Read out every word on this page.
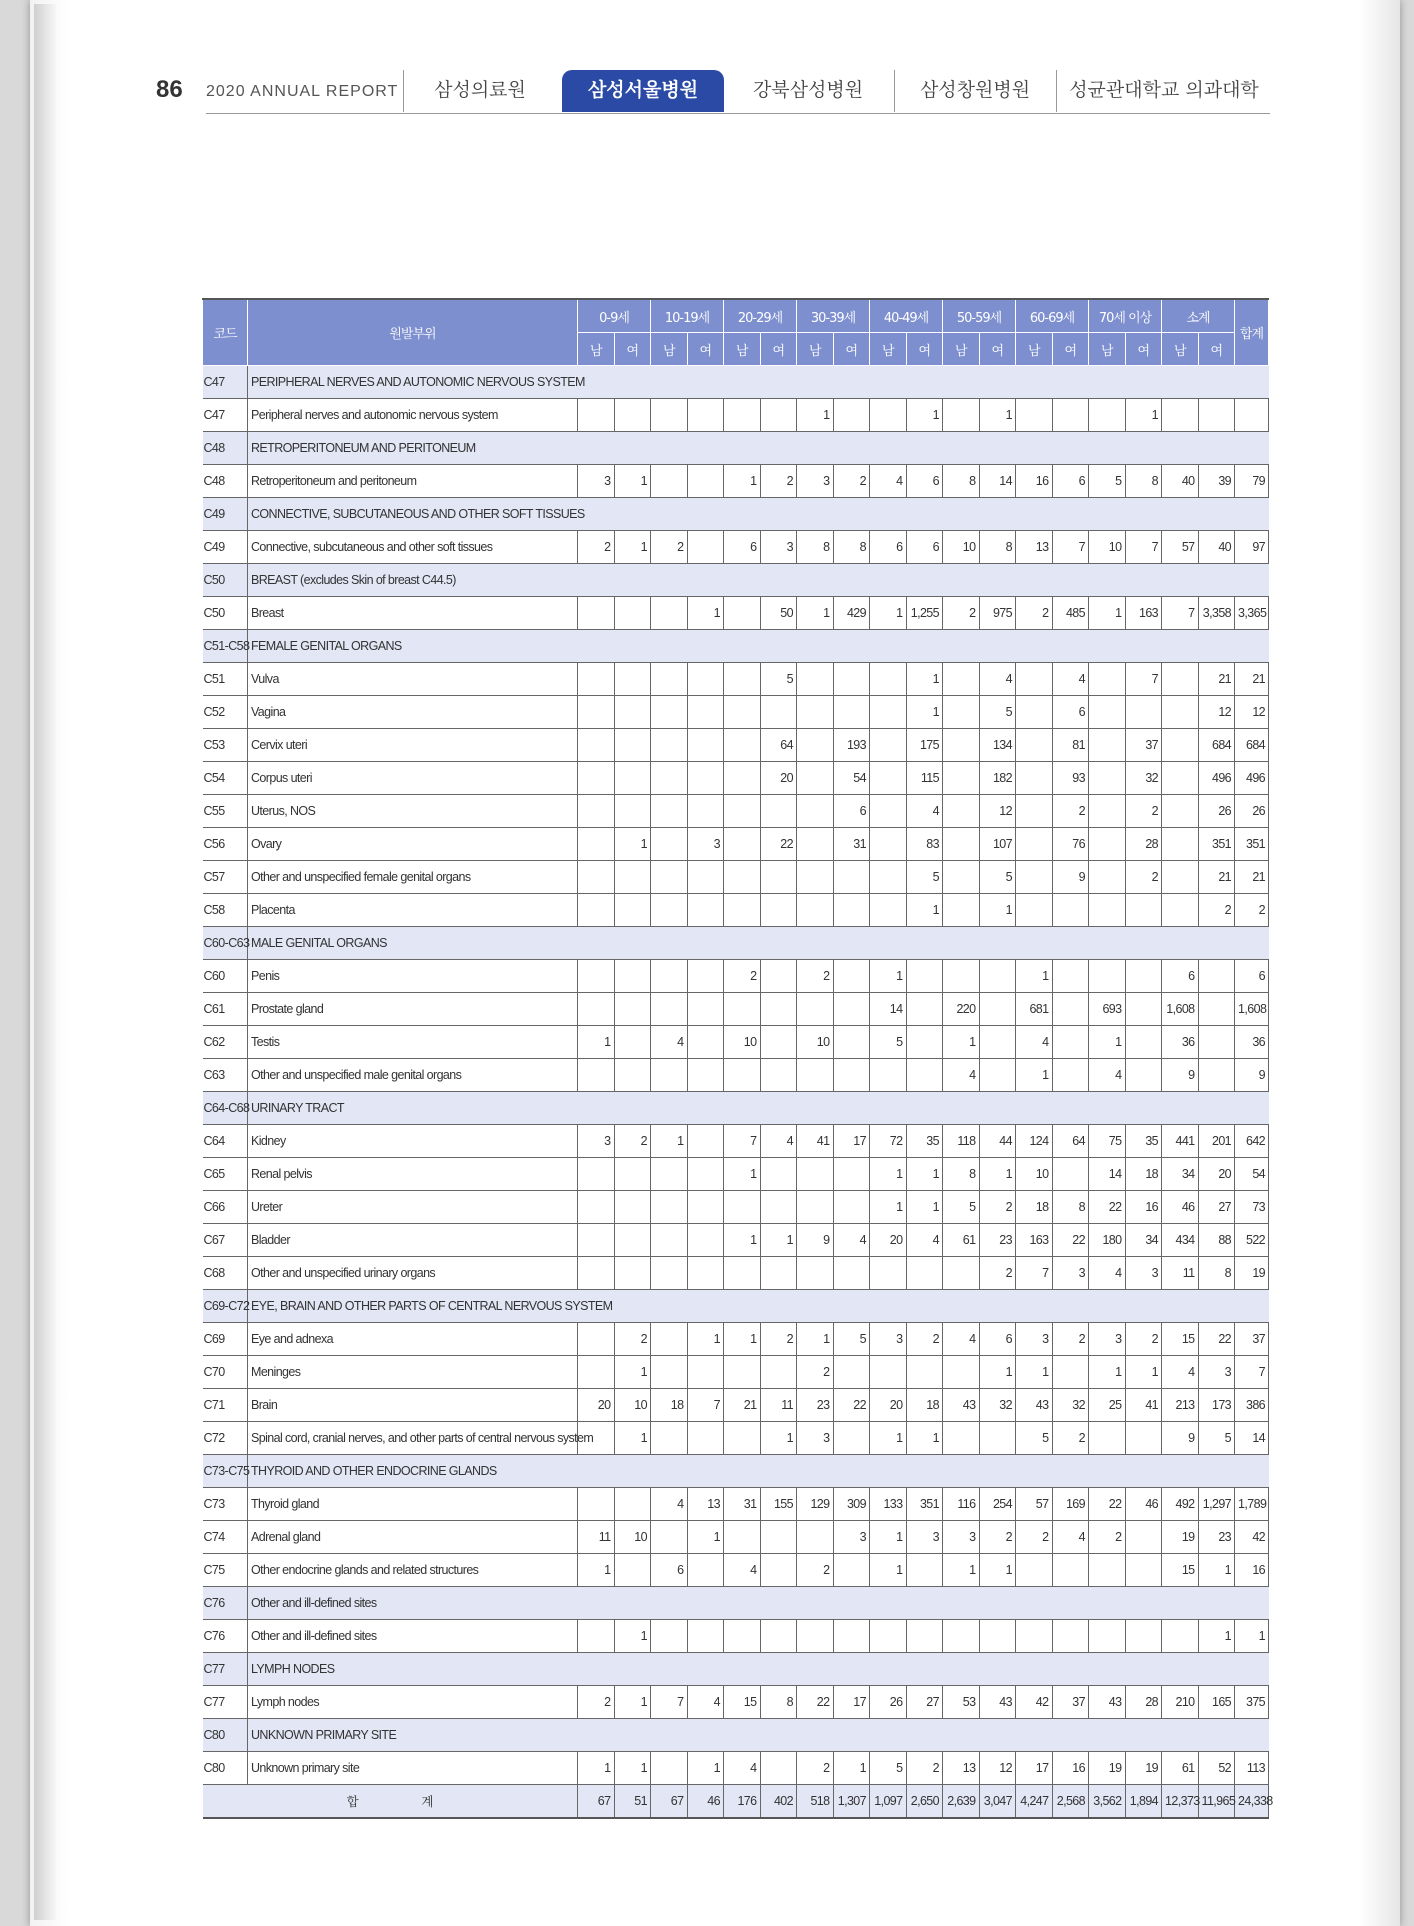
86 2020 ANNUAL REPORT	삼성의료원	삼성서울병원	강북삼성병원	삼성창원병원	성균관대학교 의과대학
코드	원발부위	0-9세		10-19세		20-29세		30-39세		40-49세		50-59세		60-69세		70세 이상		소계		합계	
		남	여	남	여	남	여	남	여	남	여	남	여	남	여	남	여	남	여		
C47	PERIPHERAL NERVES AND AUTONOMIC NERVOUS SYSTEM																				
C47	Peripheral nerves and autonomic nervous system							1			1		1				1						
C48	RETROPERITONEUM AND PERITONEUM																				
C48	Retroperitoneum and peritoneum	3	1			1	2	3	2	4	6	8	14	16	6	5	8	40	39	79	
C49	CONNECTIVE, SUBCUTANEOUS AND OTHER SOFT TISSUES																				
C49	Connective, subcutaneous and other soft tissues	2	1	2		6	3	8	8	6	6	10	8	13	7	10	7	57	40	97	
C50	BREAST (excludes Skin of breast C44.5)																				
C50	Breast				1		50	1	429	1	1,255	2	975	2	485	1	163	7	3,358	3,365	
C51-C58	FEMALE GENITAL ORGANS																				
C51	Vulva						5				1		4		4		7		21	21	
C52	Vagina										1		5		6				12	12	
C53	Cervix uteri						64		193		175		134		81		37		684	684	
C54	Corpus uteri						20		54		115		182		93		32		496	496	
C55	Uterus, NOS								6		4		12		2		2		26	26	
C56	Ovary		1		3		22		31		83		107		76		28		351	351	
C57	Other and unspecified female genital organs										5		5		9		2		21	21	
C58	Placenta										1		1						2	2	
C60-C63	MALE GENITAL ORGANS																				
C60	Penis					2		2		1				1				6		6	
C61	Prostate gland									14		220		681		693		1,608		1,608	
C62	Testis	1		4		10		10		5		1		4		1		36		36	
C63	Other and unspecified male genital organs											4		1		4		9		9	
C64-C68	URINARY TRACT																				
C64	Kidney	3	2	1		7	4	41	17	72	35	118	44	124	64	75	35	441	201	642	
C65	Renal pelvis					1				1	1	8	1	10		14	18	34	20	54	
C66	Ureter									1	1	5	2	18	8	22	16	46	27	73	
C67	Bladder					1	1	9	4	20	4	61	23	163	22	180	34	434	88	522	
C68	Other and unspecified urinary organs												2	7	3	4	3	11	8	19	
C69-C72	EYE, BRAIN AND OTHER PARTS OF CENTRAL NERVOUS SYSTEM																				
C69	Eye and adnexa		2		1	1	2	1	5	3	2	4	6	3	2	3	2	15	22	37	
C70	Meninges		1					2					1	1		1	1	4	3	7	
C71	Brain	20	10	18	7	21	11	23	22	20	18	43	32	43	32	25	41	213	173	386	
C72	Spinal cord, cranial nerves, and other parts of central nervous system		1				1	3		1	1			5	2			9	5	14	
C73-C75	THYROID AND OTHER ENDOCRINE GLANDS																				
C73	Thyroid gland			4	13	31	155	129	309	133	351	116	254	57	169	22	46	492	1,297	1,789	
C74	Adrenal gland	11	10		1				3	1	3	3	2	2	4	2		19	23	42	
C75	Other endocrine glands and related structures	1		6		4		2		1		1	1					15	1	16	
C76	Other and ill-defined sites																				
C76	Other and ill-defined sites		1																1	1	
C77	LYMPH NODES																				
C77	Lymph nodes	2	1	7	4	15	8	22	17	26	27	53	43	42	37	43	28	210	165	375	
C80	UNKNOWN PRIMARY SITE																				
C80	Unknown primary site	1	1		1	4		2	1	5	2	13	12	17	16	19	19	61	52	113	
합 계		67	51	67	46	176	402	518	1,307	1,097	2,650	2,639	3,047	4,247	2,568	3,562	1,894	12,373	11,965	24,338	
